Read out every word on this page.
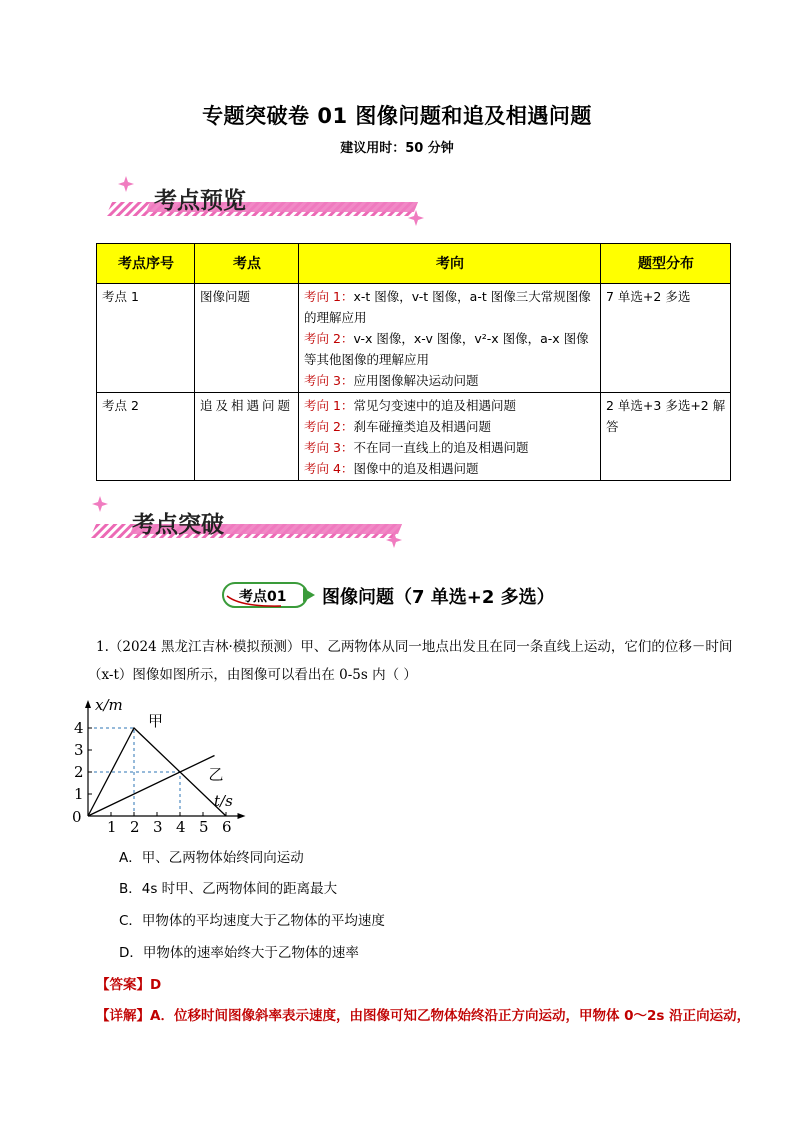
专题突破卷 01 图像问题和追及相遇问题
建议用时：50 分钟
考点预览
考点序号	考点	考向	题型分布
考点 1	图像问题	考向 1：x-t 图像，v-t 图像，a-t 图像三大常规图像的理解应用
考向 2：v-x 图像，x-v 图像，v²-x 图像，a-x 图像等其他图像的理解应用
考向 3：应用图像解决运动问题	7 单选+2 多选
考点 2	追及相遇问题	考向 1：常见匀变速中的追及相遇问题
考向 2：刹车碰撞类追及相遇问题
考向 3：不在同一直线上的追及相遇问题
考向 4：图像中的追及相遇问题	2 单选+3 多选+2 解答
考点突破
考点01 图像问题（7 单选+2 多选）
1.（2024 黑龙江吉林·模拟预测）甲、乙两物体从同一地点出发且在同一条直线上运动，它们的位移－时间
（x-t）图像如图所示，由图像可以看出在 0-5s 内（ ）
甲
乙
1 2 3 4 5 6
1
2
3
4
0
x/m
t/s
A．甲、乙两物体始终同向运动
B．4s 时甲、乙两物体间的距离最大
C．甲物体的平均速度大于乙物体的平均速度
D．甲物体的速率始终大于乙物体的速率
【答案】D
【详解】A．位移时间图像斜率表示速度，由图像可知乙物体始终沿正方向运动，甲物体 0～2s 沿正向运动，
